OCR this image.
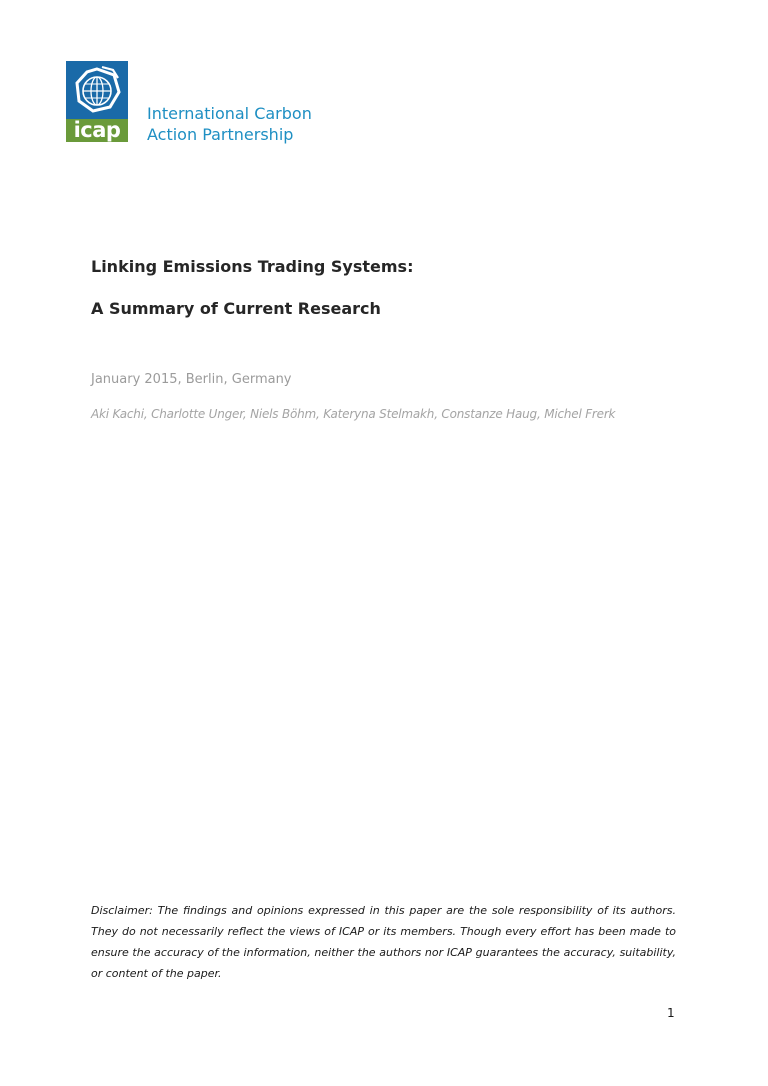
icap
International Carbon
Action Partnership
Linking Emissions Trading Systems:
A Summary of Current Research
January 2015, Berlin, Germany
Aki Kachi, Charlotte Unger, Niels Böhm, Kateryna Stelmakh, Constanze Haug, Michel Frerk

Disclaimer: The findings and opinions expressed in this paper are the sole responsibility of its authors. They do not necessarily reflect the views of ICAP or its members. Though every effort has been made to ensure the accuracy of the information, neither the authors nor ICAP guarantees the accuracy, suitability, or content of the paper.

1
